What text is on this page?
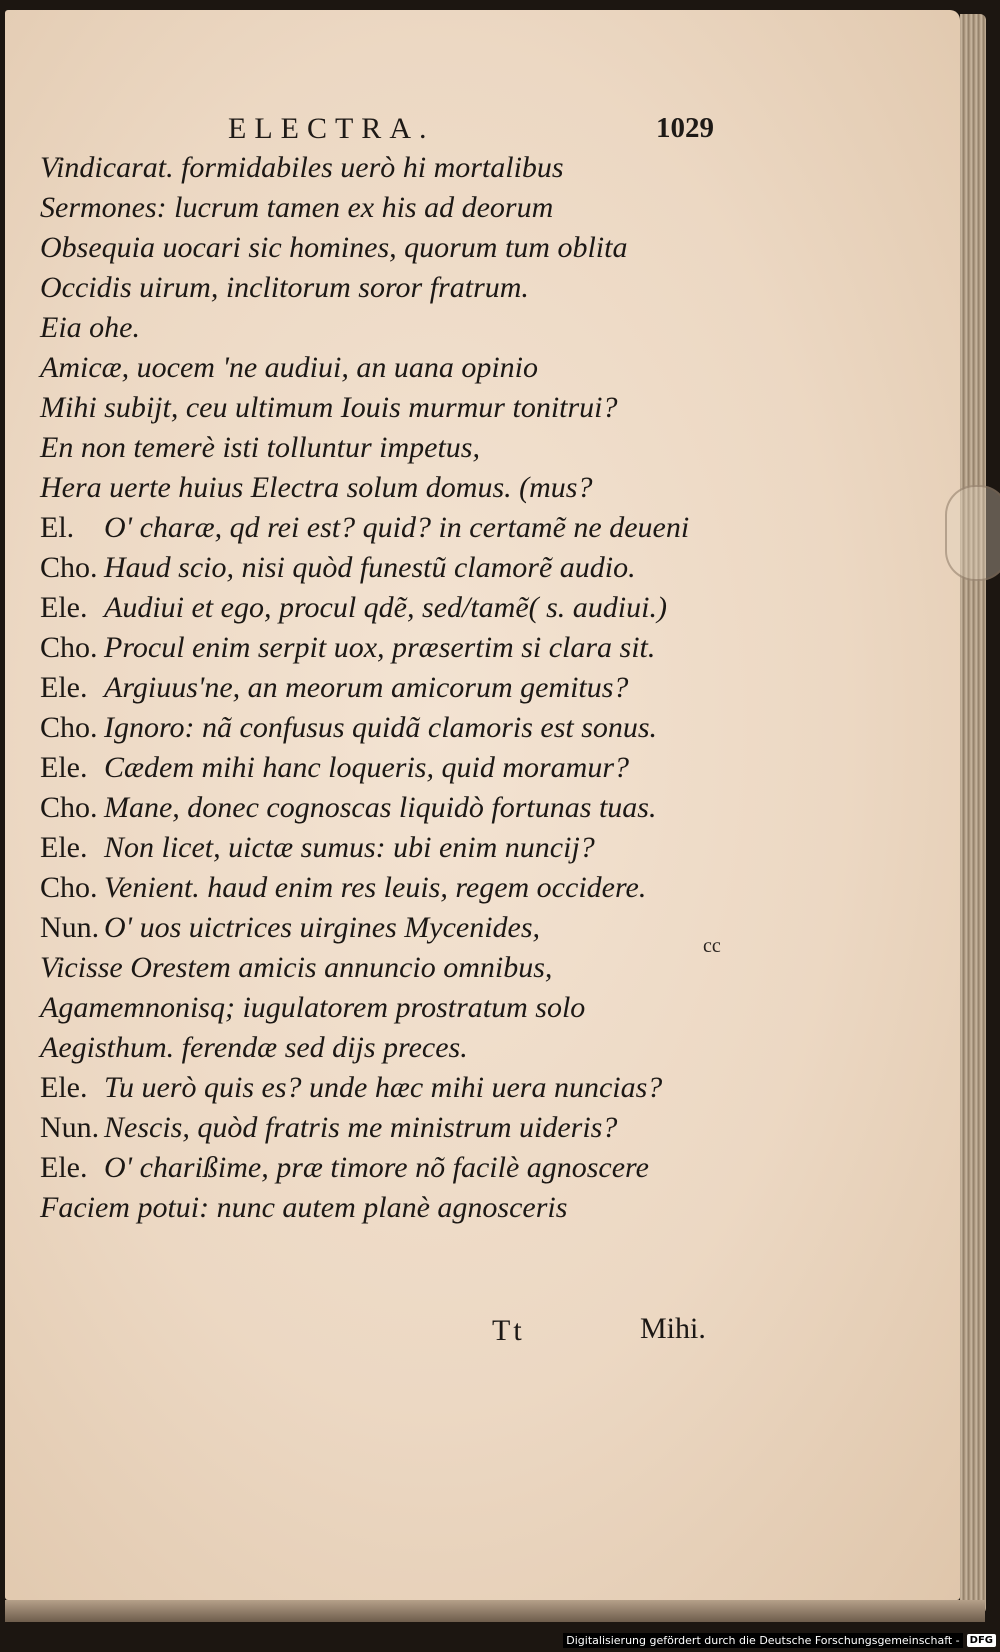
ELECTRA.	1029
Vindicarat. formidabiles uerò hi mortalibus
Sermones: lucrum tamen ex his ad deorum
Obsequia uocari sic homines, quorum tum oblita
Occidis uirum, inclitorum soror fratrum.
Eia ohe.
Amicæ, uocem 'ne audiui, an uana opinio
Mihi subijt, ceu ultimum Iouis murmur tonitrui?
En non temerè isti tolluntur impetus,
Hera uerte huius Electra solum domus. (mus?
El. O' charæ, qd rei est? quid? in certamẽ ne deueni
Cho. Haud scio, nisi quòd funestũ clamorẽ audio.
Ele. Audiui et ego, procul qdẽ, sed/tamẽ( s. audiui.)
Cho. Procul enim serpit uox, præsertim si clara sit.
Ele. Argiuus'ne, an meorum amicorum gemitus?
Cho. Ignoro: nã confusus quidã clamoris est sonus.
Ele. Cædem mihi hanc loqueris, quid moramur?
Cho. Mane, donec cognoscas liquidò fortunas tuas.
Ele. Non licet, uictæ sumus: ubi enim nuncij?
Cho. Venient. haud enim res leuis, regem occidere.
Nun. O' uos uictrices uirgines Mycenides,
Vicisse Orestem amicis annuncio omnibus,
Agamemnonisq; iugulatorem prostratum solo
Aegisthum. ferendæ sed dijs preces.
Ele. Tu uerò quis es? unde hæc mihi uera nuncias?
Nun. Nescis, quòd fratris me ministrum uideris?
Ele. O' charißime, præ timore nõ facilè agnoscere
Faciem potui: nunc autem planè agnosceris
cc
Tt	Mihi.
Digitalisierung gefördert durch die Deutsche Forschungsgemeinschaft -	DFG
